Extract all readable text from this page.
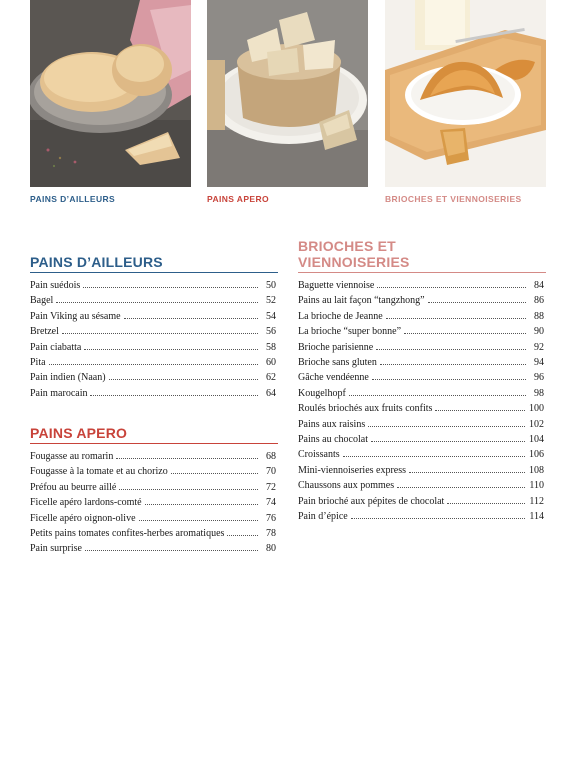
PAINS D’AILLEURS	PAINS APERO	BRIOCHES ET VIENNOISERIES
PAINS D’AILLEURS
Pain suédois	50
Bagel	52
Pain Viking au sésame	54
Bretzel	56
Pain ciabatta	58
Pita	60
Pain indien (Naan)	62
Pain marocain	64
PAINS APERO
Fougasse au romarin	68
Fougasse à la tomate et au chorizo	70
Préfou au beurre aillé	72
Ficelle apéro lardons-comté	74
Ficelle apéro oignon-olive	76
Petits pains tomates confites-herbes aromatiques	78
Pain surprise	80
BRIOCHES ET
VIENNOISERIES
Baguette viennoise	84
Pains au lait façon “tangzhong”	86
La brioche de Jeanne	88
La brioche “super bonne”	90
Brioche parisienne	92
Brioche sans gluten	94
Gâche vendéenne	96
Kougelhopf	98
Roulés briochés aux fruits confits	100
Pains aux raisins	102
Pains au chocolat	104
Croissants	106
Mini-viennoiseries express	108
Chaussons aux pommes	110
Pain brioché aux pépites de chocolat	112
Pain d’épice	114
